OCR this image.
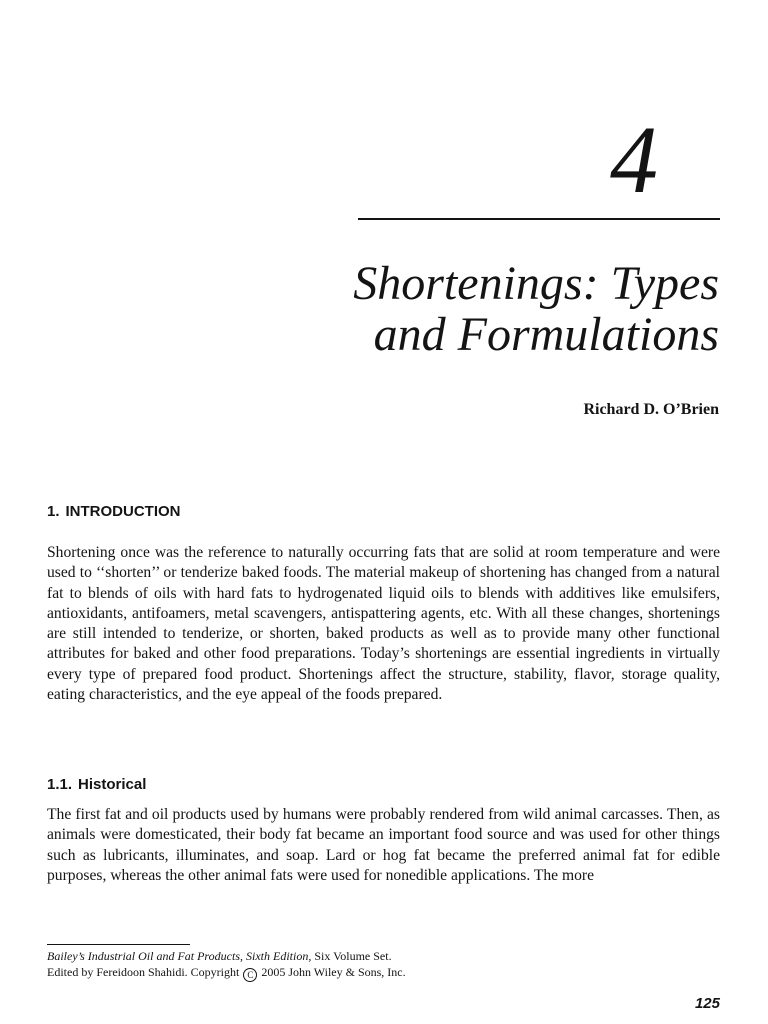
4
Shortenings: Types
and Formulations

Richard D. O’Brien

1. INTRODUCTION

Shortening once was the reference to naturally occurring fats that are solid at room temperature and were used to ‘‘shorten’’ or tenderize baked foods. The material makeup of shortening has changed from a natural fat to blends of oils with hard fats to hydrogenated liquid oils to blends with additives like emulsifers, antioxidants, antifoamers, metal scavengers, antispattering agents, etc. With all these changes, shortenings are still intended to tenderize, or shorten, baked products as well as to provide many other functional attributes for baked and other food preparations. Today’s shortenings are essential ingredients in virtually every type of prepared food product. Shortenings affect the structure, stability, flavor, storage quality, eating characteristics, and the eye appeal of the foods prepared.

1.1. Historical

The first fat and oil products used by humans were probably rendered from wild animal carcasses. Then, as animals were domesticated, their body fat became an important food source and was used for other things such as lubricants, illuminates, and soap. Lard or hog fat became the preferred animal fat for edible purposes, whereas the other animal fats were used for nonedible applications. The more

Bailey’s Industrial Oil and Fat Products, Sixth Edition, Six Volume Set.
Edited by Fereidoon Shahidi. Copyright C 2005 John Wiley & Sons, Inc.
125
